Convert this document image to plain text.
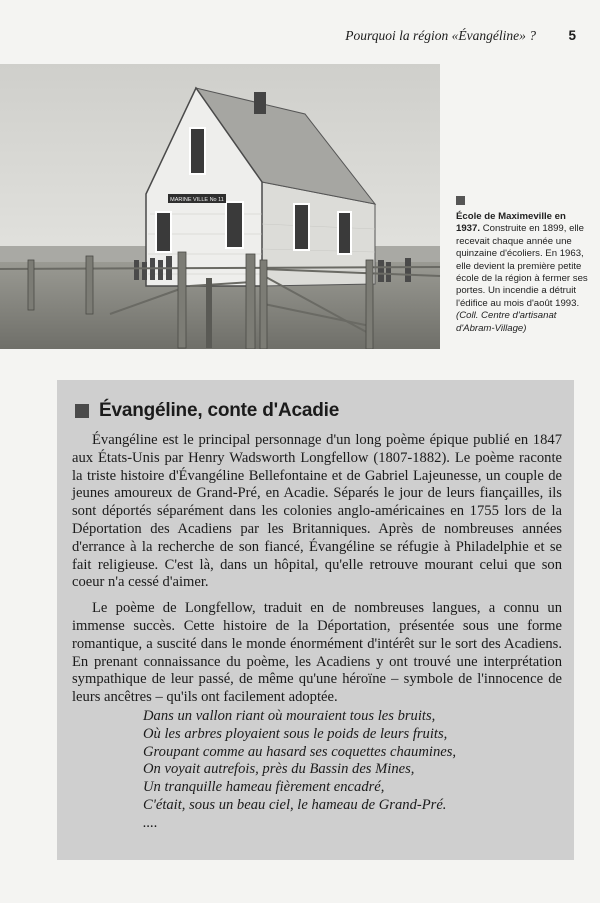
Pourquoi la région «Évangéline» ? 5
MARINE VILLE No 11
École de Maximeville en 1937. Construite en 1899, elle recevait chaque année une quinzaine d'écoliers. En 1963, elle devient la première petite école de la région à fermer ses portes. Un incendie a détruit l'édifice au mois d'août 1993. (Coll. Centre d'artisanat d'Abram-Village)
Évangéline, conte d'Acadie

Évangéline est le principal personnage d'un long poème épique publié en 1847 aux États-Unis par Henry Wadsworth Longfellow (1807-1882). Le poème raconte la triste histoire d'Évangéline Bellefontaine et de Gabriel Lajeunesse, un couple de jeunes amoureux de Grand-Pré, en Acadie. Séparés le jour de leurs fiançailles, ils sont déportés séparément dans les colonies anglo-américaines en 1755 lors de la Déportation des Acadiens par les Britanniques. Après de nombreuses années d'errance à la recherche de son fiancé, Évangéline se réfugie à Philadelphie et se fait religieuse. C'est là, dans un hôpital, qu'elle retrouve mourant celui que son coeur n'a cessé d'aimer.

Le poème de Longfellow, traduit en de nombreuses langues, a connu un immense succès. Cette histoire de la Déportation, présentée sous une forme romantique, a suscité dans le monde énormément d'intérêt sur le sort des Acadiens. En prenant connaissance du poème, les Acadiens y ont trouvé une interprétation sympathique de leur passé, de même qu'une héroïne – symbole de l'innocence de leurs ancêtres – qu'ils ont facilement adoptée.

Dans un vallon riant où mouraient tous les bruits,
Où les arbres ployaient sous le poids de leurs fruits,
Groupant comme au hasard ses coquettes chaumines,
On voyait autrefois, près du Bassin des Mines,
Un tranquille hameau fièrement encadré,
C'était, sous un beau ciel, le hameau de Grand-Pré.
....
